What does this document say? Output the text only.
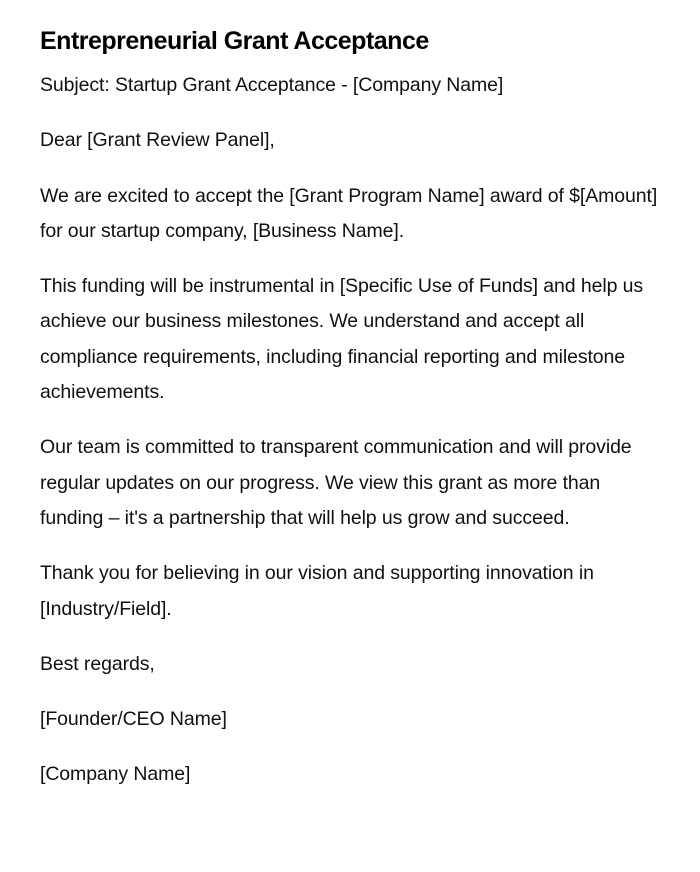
Entrepreneurial Grant Acceptance

Subject: Startup Grant Acceptance - [Company Name]

Dear [Grant Review Panel],

We are excited to accept the [Grant Program Name] award of $[Amount] for our startup company, [Business Name].

This funding will be instrumental in [Specific Use of Funds] and help us achieve our business milestones. We understand and accept all compliance requirements, including financial reporting and milestone achievements.

Our team is committed to transparent communication and will provide regular updates on our progress. We view this grant as more than funding – it's a partnership that will help us grow and succeed.

Thank you for believing in our vision and supporting innovation in [Industry/Field].

Best regards,

[Founder/CEO Name]

[Company Name]
